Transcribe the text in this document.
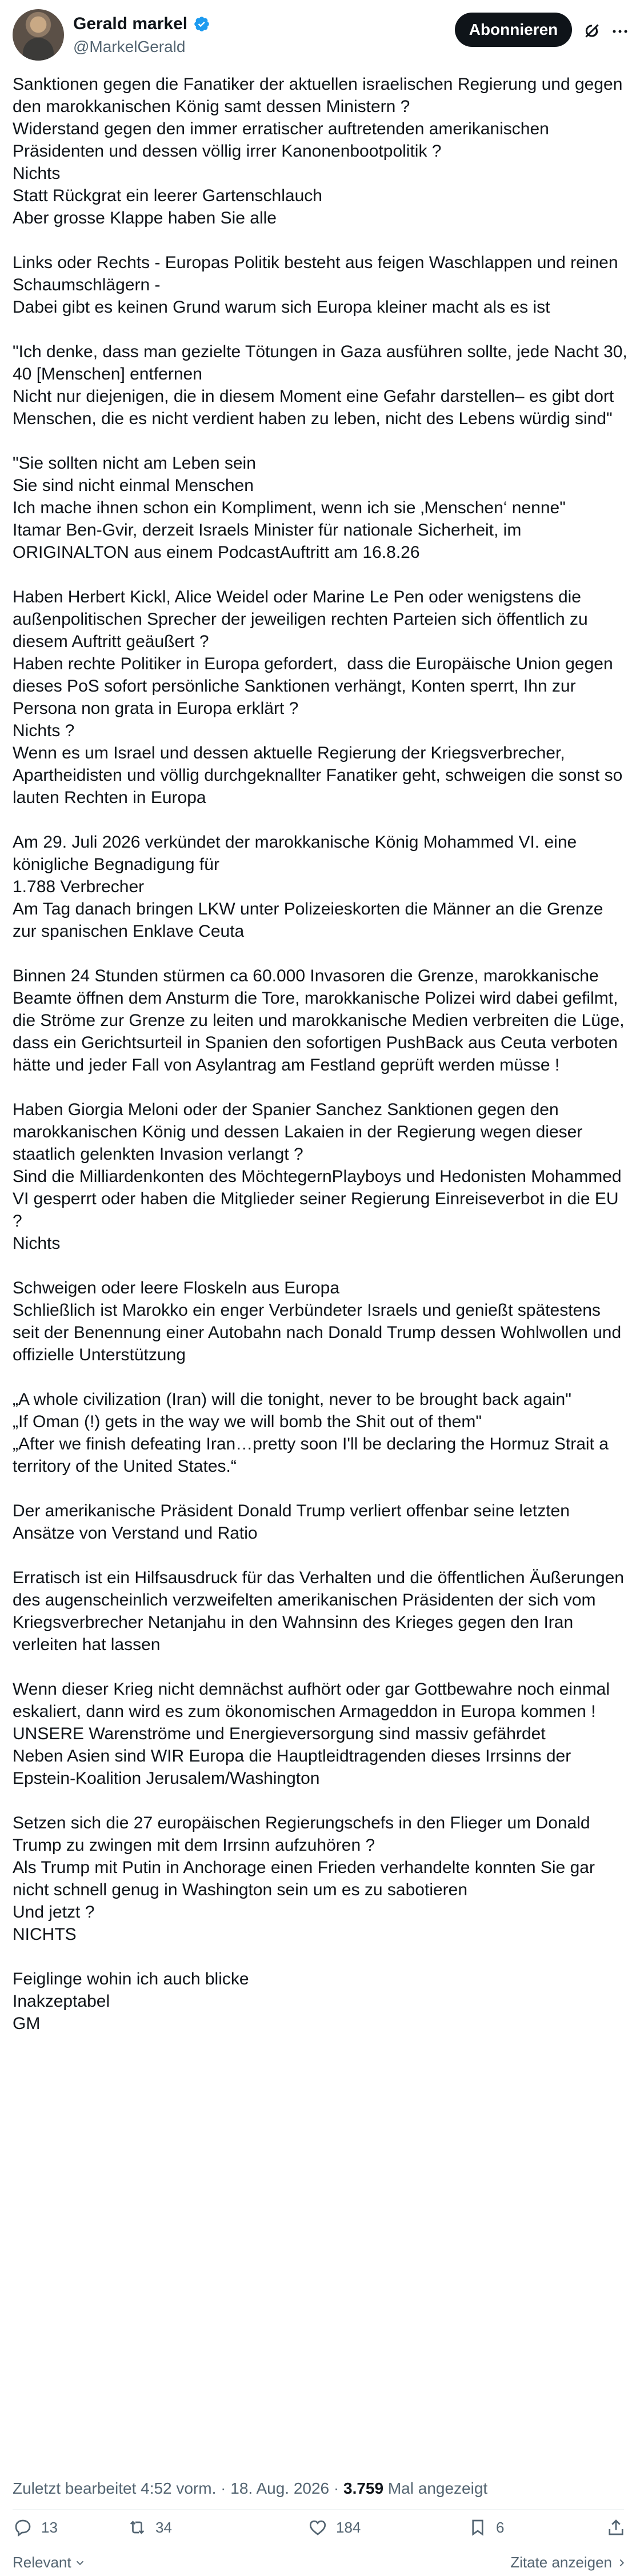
Gerald markel
@MarkelGerald
Abonnieren
Sanktionen gegen die Fanatiker der aktuellen israelischen Regierung und gegen den marokkanischen König samt dessen Ministern ?
Widerstand gegen den immer erratischer auftretenden amerikanischen Präsidenten und dessen völlig irrer Kanonenbootpolitik ?
Nichts
Statt Rückgrat ein leerer Gartenschlauch
Aber grosse Klappe haben Sie alle

Links oder Rechts - Europas Politik besteht aus feigen Waschlappen und reinen Schaumschlägern -
Dabei gibt es keinen Grund warum sich Europa kleiner macht als es ist

"Ich denke, dass man gezielte Tötungen in Gaza ausführen sollte, jede Nacht 30, 40 [Menschen] entfernen
Nicht nur diejenigen, die in diesem Moment eine Gefahr darstellen– es gibt dort Menschen, die es nicht verdient haben zu leben, nicht des Lebens würdig sind"

"Sie sollten nicht am Leben sein
Sie sind nicht einmal Menschen
Ich mache ihnen schon ein Kompliment, wenn ich sie ‚Menschen‘ nenne"
Itamar Ben-Gvir, derzeit Israels Minister für nationale Sicherheit, im ORIGINALTON aus einem PodcastAuftritt am 16.8.26

Haben Herbert Kickl, Alice Weidel oder Marine Le Pen oder wenigstens die außenpolitischen Sprecher der jeweiligen rechten Parteien sich öffentlich zu diesem Auftritt geäußert ?
Haben rechte Politiker in Europa gefordert,  dass die Europäische Union gegen dieses PoS sofort persönliche Sanktionen verhängt, Konten sperrt, Ihn zur Persona non grata in Europa erklärt ?
Nichts ?
Wenn es um Israel und dessen aktuelle Regierung der Kriegsverbrecher, Apartheidisten und völlig durchgeknallter Fanatiker geht, schweigen die sonst so lauten Rechten in Europa

Am 29. Juli 2026 verkündet der marokkanische König Mohammed VI. eine königliche Begnadigung für
1.788 Verbrecher
Am Tag danach bringen LKW unter Polizeieskorten die Männer an die Grenze zur spanischen Enklave Ceuta

Binnen 24 Stunden stürmen ca 60.000 Invasoren die Grenze, marokkanische Beamte öffnen dem Ansturm die Tore, marokkanische Polizei wird dabei gefilmt, die Ströme zur Grenze zu leiten und marokkanische Medien verbreiten die Lüge, dass ein Gerichtsurteil in Spanien den sofortigen PushBack aus Ceuta verboten hätte und jeder Fall von Asylantrag am Festland geprüft werden müsse !

Haben Giorgia Meloni oder der Spanier Sanchez Sanktionen gegen den marokkanischen König und dessen Lakaien in der Regierung wegen dieser staatlich gelenkten Invasion verlangt ?
Sind die Milliardenkonten des MöchtegernPlayboys und Hedonisten Mohammed VI gesperrt oder haben die Mitglieder seiner Regierung Einreiseverbot in die EU ?
Nichts

Schweigen oder leere Floskeln aus Europa
Schließlich ist Marokko ein enger Verbündeter Israels und genießt spätestens seit der Benennung einer Autobahn nach Donald Trump dessen Wohlwollen und offizielle Unterstützung

„A whole civilization (Iran) will die tonight, never to be brought back again"
„If Oman (!) gets in the way we will bomb the Shit out of them"
„After we finish defeating Iran…pretty soon I'll be declaring the Hormuz Strait a territory of the United States.“

Der amerikanische Präsident Donald Trump verliert offenbar seine letzten Ansätze von Verstand und Ratio

Erratisch ist ein Hilfsausdruck für das Verhalten und die öffentlichen Äußerungen des augenscheinlich verzweifelten amerikanischen Präsidenten der sich vom Kriegsverbrecher Netanjahu in den Wahnsinn des Krieges gegen den Iran verleiten hat lassen

Wenn dieser Krieg nicht demnächst aufhört oder gar Gottbewahre noch einmal eskaliert, dann wird es zum ökonomischen Armageddon in Europa kommen !
UNSERE Warenströme und Energieversorgung sind massiv gefährdet
Neben Asien sind WIR Europa die Hauptleidtragenden dieses Irrsinns der Epstein-Koalition Jerusalem/Washington

Setzen sich die 27 europäischen Regierungschefs in den Flieger um Donald Trump zu zwingen mit dem Irrsinn aufzuhören ?
Als Trump mit Putin in Anchorage einen Frieden verhandelte konnten Sie gar nicht schnell genug in Washington sein um es zu sabotieren
Und jetzt ?
NICHTS

Feiglinge wohin ich auch blicke
Inakzeptabel
GM
Zuletzt bearbeitet 4:52 vorm. · 18. Aug. 2026 · 3.759 Mal angezeigt
13	34	184	6
Relevant	Zitate anzeigen
